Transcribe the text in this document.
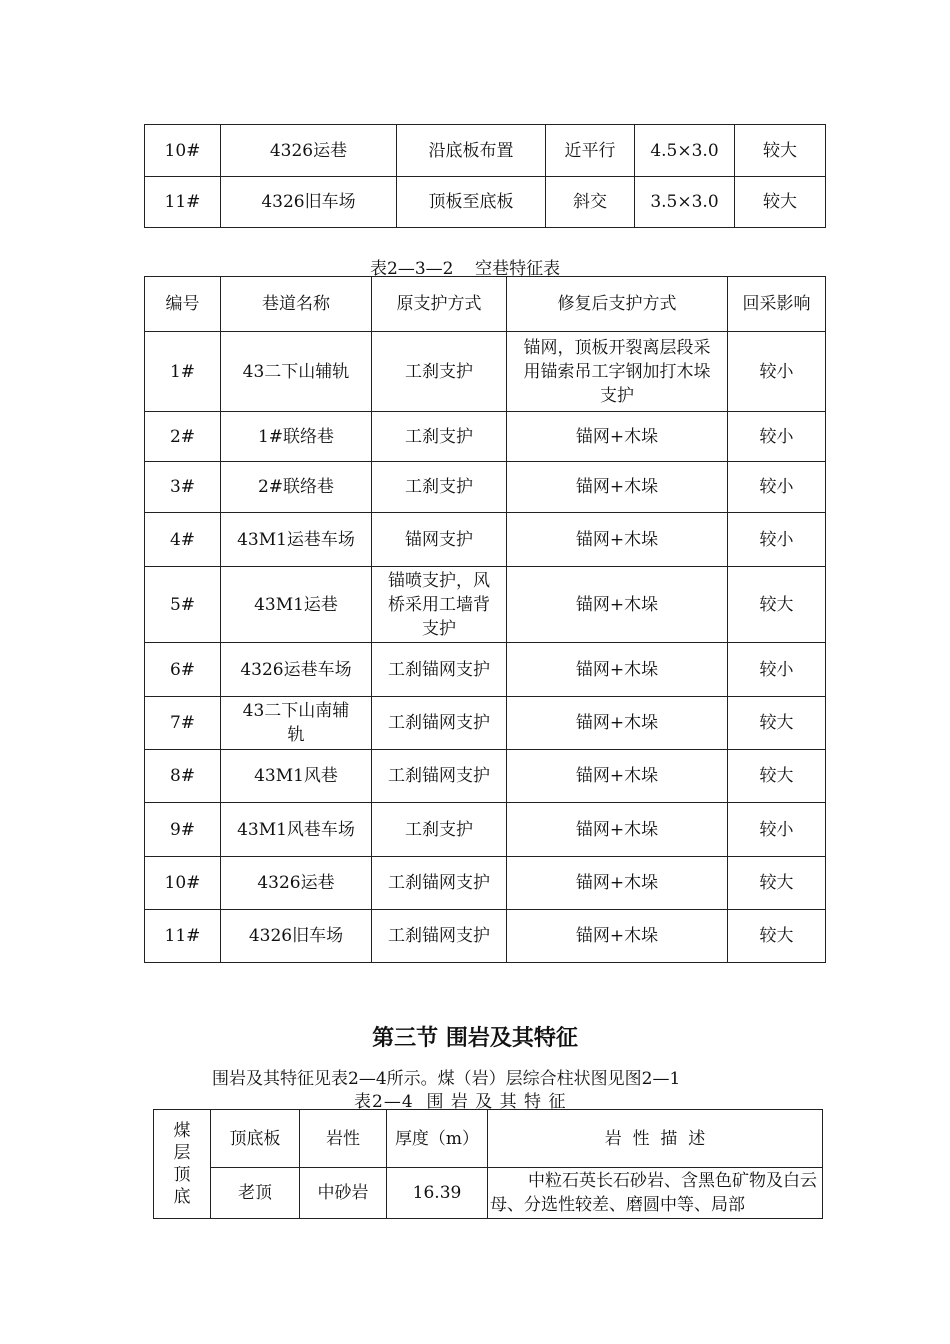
10#	4326运巷	沿底板布置	近平行	4.5×3.0	较大
11#	4326旧车场	顶板至底板	斜交	3.5×3.0	较大
表2—3—2    空巷特征表
编号	巷道名称	原支护方式	修复后支护方式	回采影响
1#	43二下山辅轨	工刹支护	锚网，顶板开裂离层段采用锚索吊工字钢加打木垛支护	较小
2#	1#联络巷	工刹支护	锚网+木垛	较小
3#	2#联络巷	工刹支护	锚网+木垛	较小
4#	43M1运巷车场	锚网支护	锚网+木垛	较小
5#	43M1运巷	锚喷支护，风桥采用工墙背支护	锚网+木垛	较大
6#	4326运巷车场	工刹锚网支护	锚网+木垛	较小
7#	43二下山南辅轨	工刹锚网支护	锚网+木垛	较大
8#	43M1风巷	工刹锚网支护	锚网+木垛	较大
9#	43M1风巷车场	工刹支护	锚网+木垛	较小
10#	4326运巷	工刹锚网支护	锚网+木垛	较大
11#	4326旧车场	工刹锚网支护	锚网+木垛	较大
第三节 围岩及其特征
围岩及其特征见表2—4所示。煤（岩）层综合柱状图见图2—1
表2—4  围 岩 及 其 特 征
煤层顶底	顶底板	岩性	厚度（m）	岩  性  描  述
	老顶	中砂岩	16.39	中粒石英长石砂岩、含黑色矿物及白云母、分选性较差、磨圆中等、局部
